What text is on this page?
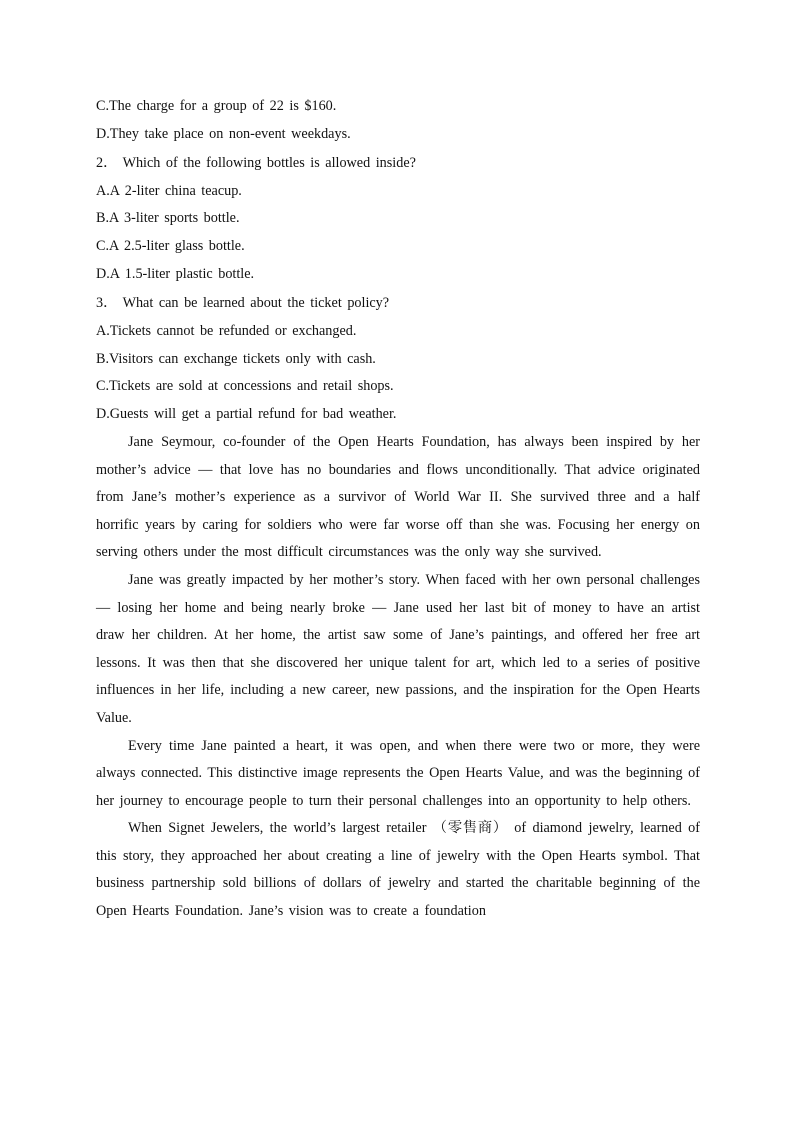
C.The charge for a group of 22 is $160.
D.They take place on non-event weekdays.
2． Which of the following bottles is allowed inside?
A.A 2-liter china teacup.
B.A 3-liter sports bottle.
C.A 2.5-liter glass bottle.
D.A 1.5-liter plastic bottle.
3． What can be learned about the ticket policy?
A.Tickets cannot be refunded or exchanged.
B.Visitors can exchange tickets only with cash.
C.Tickets are sold at concessions and retail shops.
D.Guests will get a partial refund for bad weather.

Jane Seymour, co-founder of the Open Hearts Foundation, has always been inspired by her mother’s advice — that love has no boundaries and flows unconditionally. That advice originated from Jane’s mother’s experience as a survivor of World War II. She survived three and a half horrific years by caring for soldiers who were far worse off than she was. Focusing her energy on serving others under the most difficult circumstances was the only way she survived.

Jane was greatly impacted by her mother’s story. When faced with her own personal challenges — losing her home and being nearly broke — Jane used her last bit of money to have an artist draw her children. At her home, the artist saw some of Jane’s paintings, and offered her free art lessons. It was then that she discovered her unique talent for art, which led to a series of positive influences in her life, including a new career, new passions, and the inspiration for the Open Hearts Value.

Every time Jane painted a heart, it was open, and when there were two or more, they were always connected. This distinctive image represents the Open Hearts Value, and was the beginning of her journey to encourage people to turn their personal challenges into an opportunity to help others.

When Signet Jewelers, the world’s largest retailer （零售商） of diamond jewelry, learned of this story, they approached her about creating a line of jewelry with the Open Hearts symbol. That business partnership sold billions of dollars of jewelry and started the charitable beginning of the Open Hearts Foundation. Jane’s vision was to create a foundation
